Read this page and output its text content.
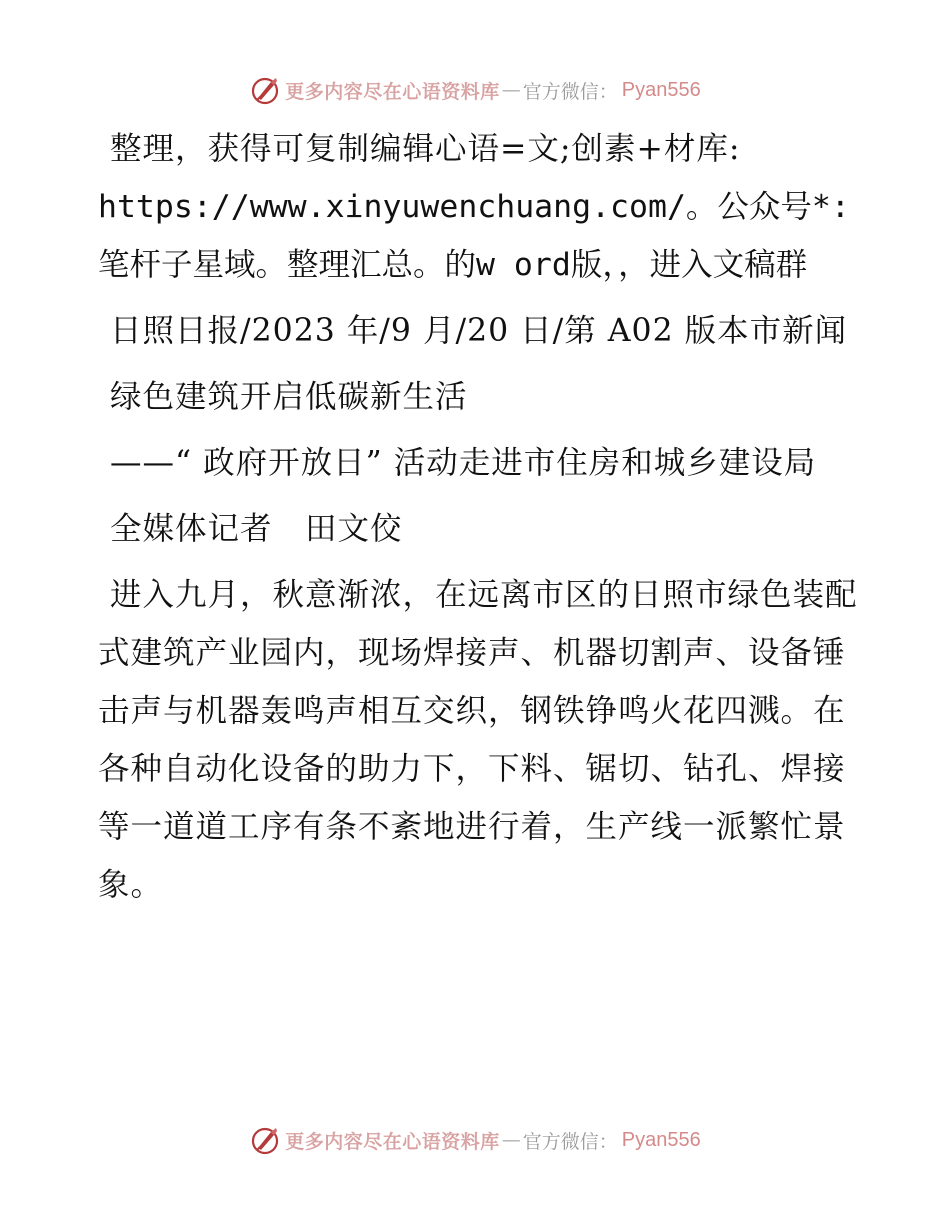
更多内容尽在心语资料库 — 官方微信： Pyan556

整理，获得可复制编辑心语=文;创素+材库:

https://www.xinyuwenchuang.com/。公众号*: 笔杆子星域。整理汇总。的w ord版，，进入文稿群

日照日报/2023 年/9 月/20 日/第 A02 版本市新闻

绿色建筑开启低碳新生活

——“ 政府开放日” 活动走进市住房和城乡建设局

全媒体记者　田文佼

进入九月，秋意渐浓，在远离市区的日照市绿色装配式建筑产业园内，现场焊接声、机器切割声、设备锤击声与机器轰鸣声相互交织，钢铁铮鸣火花四溅。在各种自动化设备的助力下，下料、锯切、钻孔、焊接等一道道工序有条不紊地进行着，生产线一派繁忙景象。

更多内容尽在心语资料库 — 官方微信： Pyan556
